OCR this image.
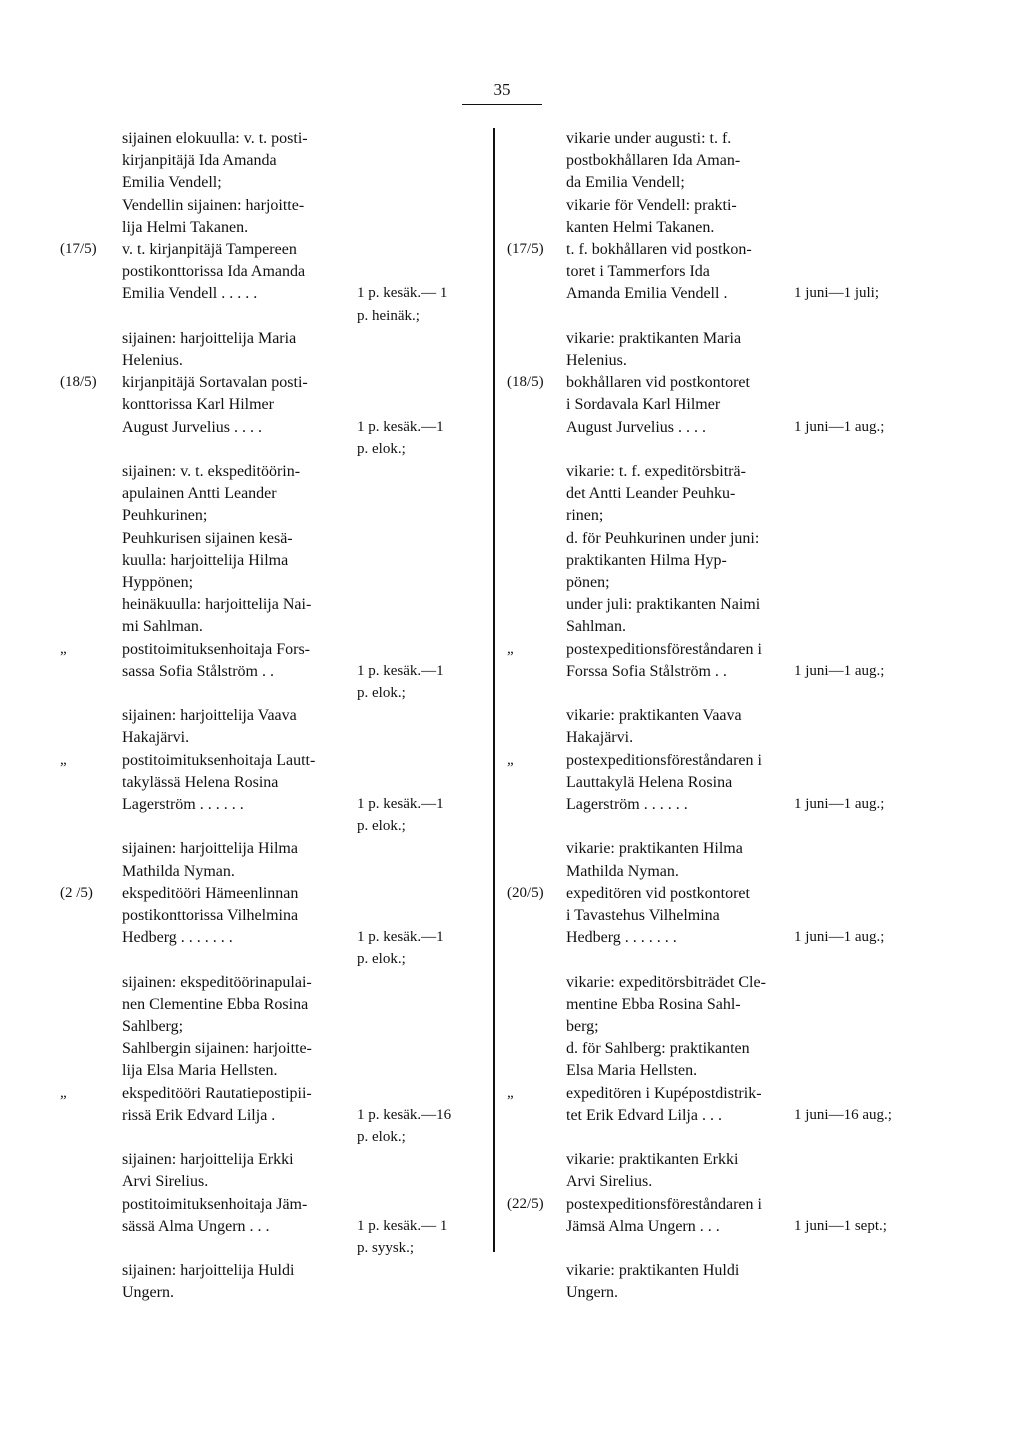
35
sijainen elokuulla: v. t. posti-
kirjanpitäjä Ida Amanda
Emilia Vendell;
Vendellin sijainen: harjoitte-
lija Helmi Takanen.
v. t. kirjanpitäjä Tampereen
postikonttorissa Ida Amanda
Emilia Vendell . . . . .
sijainen: harjoittelija Maria
Helenius.
kirjanpitäjä Sortavalan posti-
konttorissa Karl Hilmer
August Jurvelius . . . .
sijainen: v. t. ekspeditöörin-
apulainen Antti Leander
Peuhkurinen;
Peuhkurisen sijainen kesä-
kuulla: harjoittelija Hilma
Hyppönen;
heinäkuulla: harjoittelija Nai-
mi Sahlman.
postitoimituksenhoitaja Fors-
sassa Sofia Stålström . .
sijainen: harjoittelija Vaava
Hakajärvi.
postitoimituksenhoitaja Lautt-
takylässä Helena Rosina
Lagerström . . . . . .
sijainen: harjoittelija Hilma
Mathilda Nyman.
ekspeditööri Hämeenlinnan
postikonttorissa Vilhelmina
Hedberg . . . . . . .
sijainen: ekspeditöörinapulai-
nen Clementine Ebba Rosina
Sahlberg;
Sahlbergin sijainen: harjoitte-
lija Elsa Maria Hellsten.
ekspeditööri Rautatiepostipii-
rissä Erik Edvard Lilja .
sijainen: harjoittelija Erkki
Arvi Sirelius.
postitoimituksenhoitaja Jäm-
sässä Alma Ungern . . .
sijainen: harjoittelija Huldi
Ungern.
(17/5)
(18/5)
„
„
(2 /5)
„
1 p. kesäk.— 1
p. heinäk.;
1 p. kesäk.—1
p. elok.;
1 p. kesäk.—1
p. elok.;
1 p. kesäk.—1
p. elok.;
1 p. kesäk.—1
p. elok.;
1 p. kesäk.—16
p. elok.;
1 p. kesäk.— 1
p. syysk.;
vikarie under augusti: t. f.
postbokhållaren Ida Aman-
da Emilia Vendell;
vikarie för Vendell: prakti-
kanten Helmi Takanen.
t. f. bokhållaren vid postkon-
toret i Tammerfors Ida
Amanda Emilia Vendell .
vikarie: praktikanten Maria
Helenius.
bokhållaren vid postkontoret
i Sordavala Karl Hilmer
August Jurvelius . . . .
vikarie: t. f. expeditörsbiträ-
det Antti Leander Peuhku-
rinen;
d. för Peuhkurinen under juni:
praktikanten Hilma Hyp-
pönen;
under juli: praktikanten Naimi
Sahlman.
postexpeditionsföreståndaren i
Forssa Sofia Stålström . .
vikarie: praktikanten Vaava
Hakajärvi.
postexpeditionsföreståndaren i
Lauttakylä Helena Rosina
Lagerström . . . . . .
vikarie: praktikanten Hilma
Mathilda Nyman.
expeditören vid postkontoret
i Tavastehus Vilhelmina
Hedberg . . . . . . .
vikarie: expeditörsbiträdet Cle-
mentine Ebba Rosina Sahl-
berg;
d. för Sahlberg: praktikanten
Elsa Maria Hellsten.
expeditören i Kupépostdistrik-
tet Erik Edvard Lilja . . .
vikarie: praktikanten Erkki
Arvi Sirelius.
postexpeditionsföreståndaren i
Jämsä Alma Ungern . . .
vikarie: praktikanten Huldi
Ungern.
(17/5)
(18/5)
„
„
(20/5)
„
(22/5)
1 juni—1 juli;
1 juni—1 aug.;
1 juni—1 aug.;
1 juni—1 aug.;
1 juni—1 aug.;
1 juni—16 aug.;
1 juni—1 sept.;
